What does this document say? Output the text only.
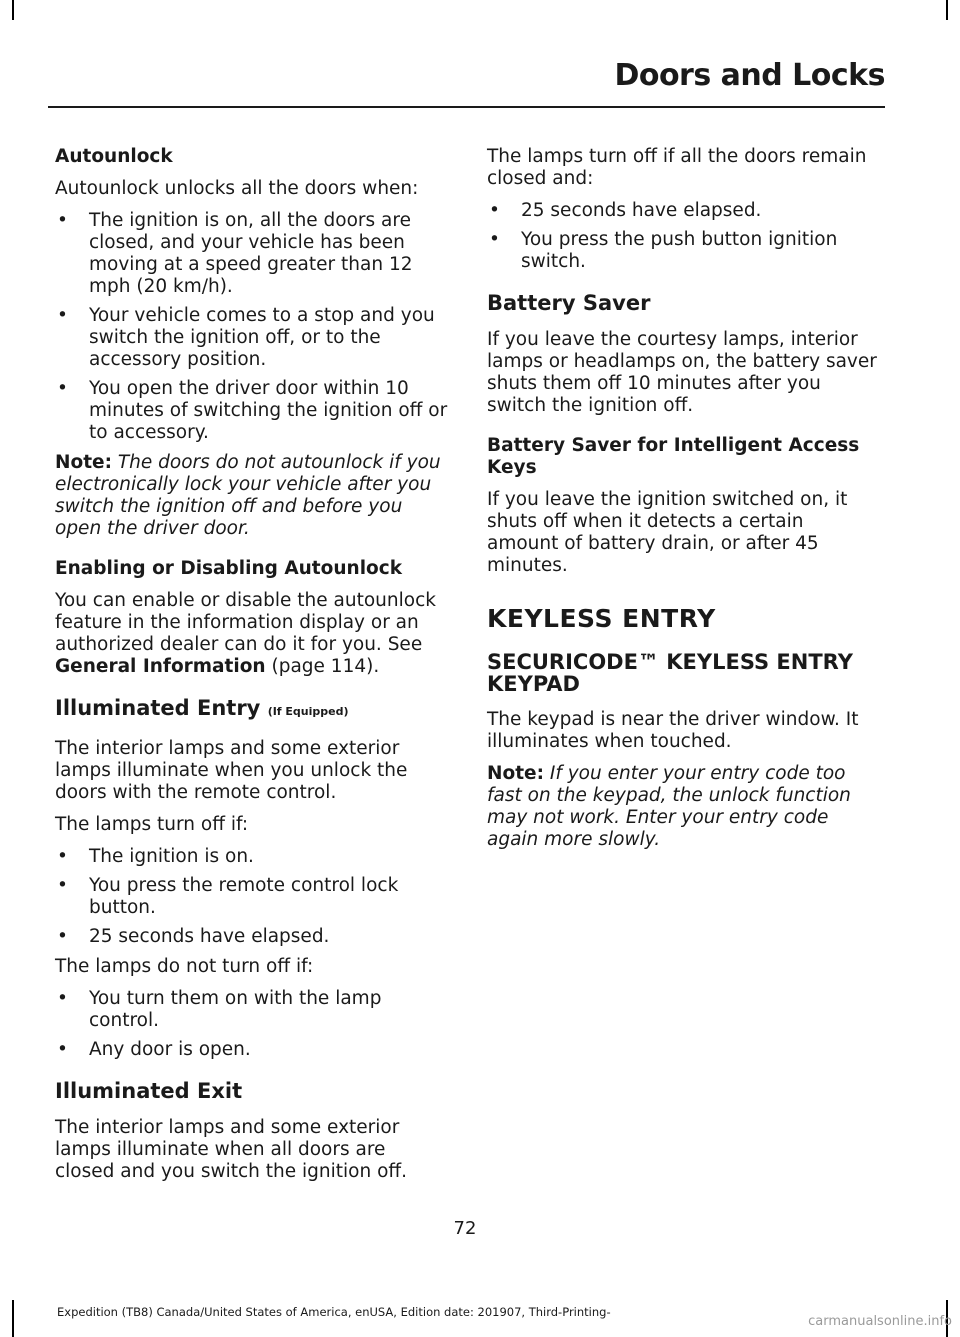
Doors and Locks
Autounlock

Autounlock unlocks all the doors when:

• The ignition is on, all the doors are closed, and your vehicle has been moving at a speed greater than 12 mph (20 km/h).
• Your vehicle comes to a stop and you switch the ignition off, or to the accessory position.
• You open the driver door within 10 minutes of switching the ignition off or to accessory.

Note: The doors do not autounlock if you electronically lock your vehicle after you switch the ignition off and before you open the driver door.

Enabling or Disabling Autounlock

You can enable or disable the autounlock feature in the information display or an authorized dealer can do it for you. See General Information (page 114).

Illuminated Entry (If Equipped)

The interior lamps and some exterior lamps illuminate when you unlock the doors with the remote control.

The lamps turn off if:

• The ignition is on.
• You press the remote control lock button.
• 25 seconds have elapsed.

The lamps do not turn off if:

• You turn them on with the lamp control.
• Any door is open.
Illuminated Exit

The interior lamps and some exterior lamps illuminate when all doors are closed and you switch the ignition off.

The lamps turn off if all the doors remain closed and:

• 25 seconds have elapsed.
• You press the push button ignition switch.
Battery Saver

If you leave the courtesy lamps, interior lamps or headlamps on, the battery saver shuts them off 10 minutes after you switch the ignition off.

Battery Saver for Intelligent Access Keys

If you leave the ignition switched on, it shuts off when it detects a certain amount of battery drain, or after 45 minutes.

KEYLESS ENTRY
SECURICODE™ KEYLESS ENTRY KEYPAD

The keypad is near the driver window. It illuminates when touched.

Note: If you enter your entry code too fast on the keypad, the unlock function may not work. Enter your entry code again more slowly.

72
Expedition (TB8) Canada/United States of America, enUSA, Edition date: 201907, Third-Printing-
carmanualsonline.info
